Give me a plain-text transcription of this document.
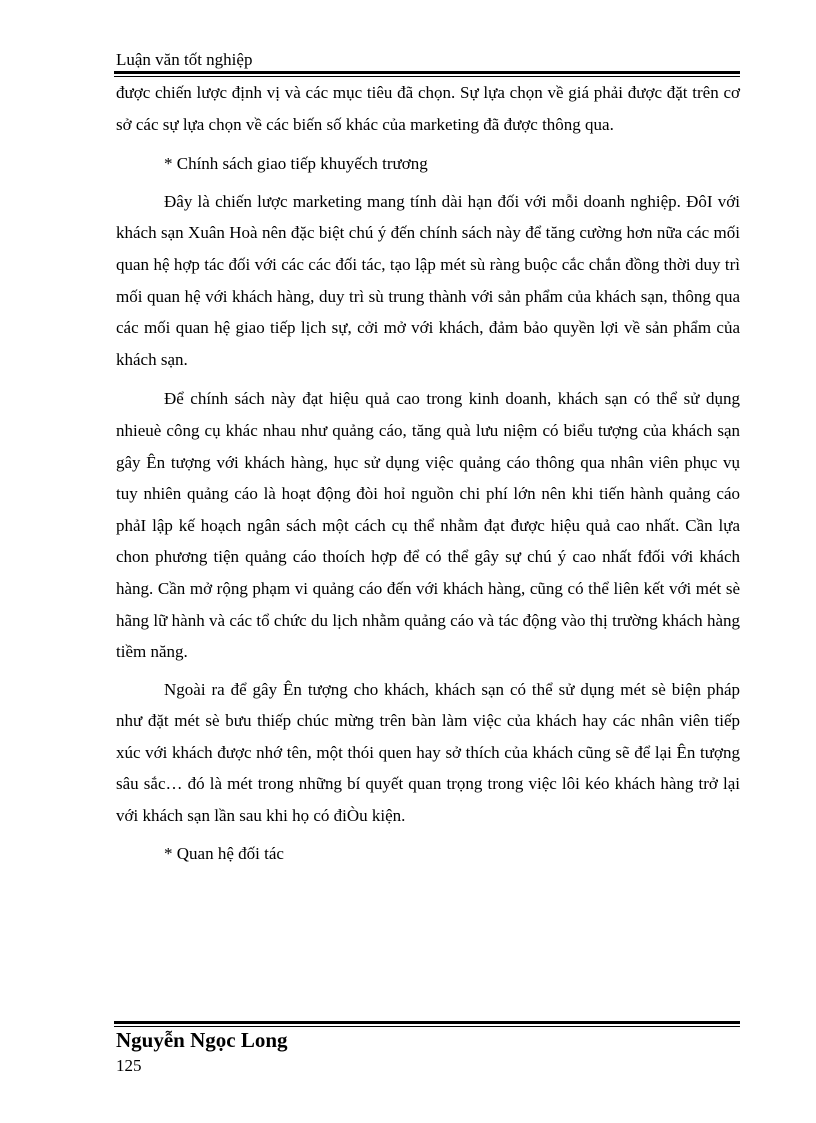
Luận văn tốt nghiệp

được chiến lược định vị và các mục tiêu đã chọn. Sự lựa chọn về giá phải được đặt trên cơ sở các sự lựa chọn về các biến số khác của marketing đã được thông qua.

* Chính sách giao tiếp khuyếch trương

Đây là chiến lược marketing mang tính dài hạn đối với mỗi doanh nghiệp. ĐôI với khách sạn Xuân Hoà nên đặc biệt chú ý đến chính sách này để tăng cường hơn nữa các mối quan hệ hợp tác đối với các các đối tác, tạo lập mét sù ràng buộc cắc chắn đồng thời duy trì mối quan hệ với khách hàng, duy trì sù trung thành với sản phẩm của khách sạn, thông qua các mối quan hệ giao tiếp lịch sự, cởi mở với khách, đảm bảo quyền lợi về sản phẩm của khách sạn.

Để chính sách này đạt hiệu quả cao trong kinh doanh, khách sạn có thể sử dụng nhieuè công cụ khác nhau như quảng cáo, tăng quà lưu niệm có biểu tượng của khách sạn gây Ên tượng với khách hàng, hục sử dụng việc quảng cáo thông qua nhân viên phục vụ tuy nhiên quảng cáo là hoạt động đòi hoỉ nguồn chi phí lớn nên khi tiến hành quảng cáo phảI lập kế hoạch ngân sách một cách cụ thể nhằm đạt được hiệu quả cao nhất. Cần lựa chon phương tiện quảng cáo thoích hợp để có thể gây sự chú ý cao nhất fđối với khách hàng. Cần mở rộng phạm vi quảng cáo đến với khách hàng, cũng có thể liên kết với mét sè hãng lữ hành và các tổ chức du lịch nhằm quảng cáo và tác động vào thị trường khách hàng tiềm năng.

Ngoài ra để gây Ên tượng cho khách, khách sạn có thể sử dụng mét sè biện pháp như đặt mét sè bưu thiếp chúc mừng trên bàn làm việc của khách hay các nhân viên tiếp xúc với khách được nhớ tên, một thói quen hay sở thích của khách cũng sẽ để lại Ên tượng sâu sắc… đó là mét trong những bí quyết quan trọng trong việc lôi kéo khách hàng trở lại với khách sạn lần sau khi họ có điÒu kiện.

* Quan hệ đối tác

Nguyễn Ngọc Long
125
